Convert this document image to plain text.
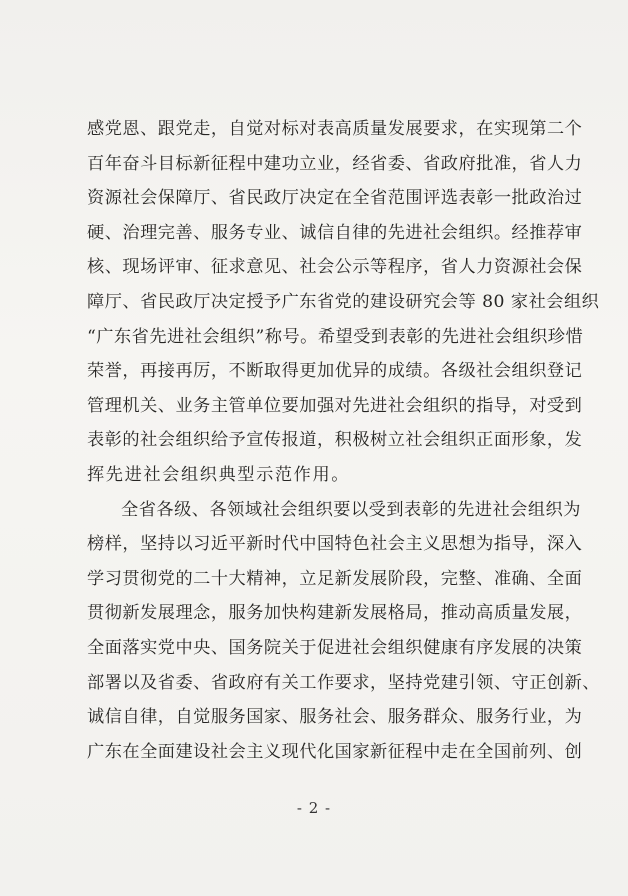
感党恩、跟党走，自觉对标对表高质量发展要求，在实现第二个
百年奋斗目标新征程中建功立业，经省委、省政府批准，省人力
资源社会保障厅、省民政厅决定在全省范围评选表彰一批政治过
硬、治理完善、服务专业、诚信自律的先进社会组织。经推荐审
核、现场评审、征求意见、社会公示等程序，省人力资源社会保
障厅、省民政厅决定授予广东省党的建设研究会等 80 家社会组织
“广东省先进社会组织”称号。希望受到表彰的先进社会组织珍惜
荣誉，再接再厉，不断取得更加优异的成绩。各级社会组织登记
管理机关、业务主管单位要加强对先进社会组织的指导，对受到
表彰的社会组织给予宣传报道，积极树立社会组织正面形象，发
挥先进社会组织典型示范作用。
全省各级、各领域社会组织要以受到表彰的先进社会组织为
榜样，坚持以习近平新时代中国特色社会主义思想为指导，深入
学习贯彻党的二十大精神，立足新发展阶段，完整、准确、全面
贯彻新发展理念，服务加快构建新发展格局，推动高质量发展，
全面落实党中央、国务院关于促进社会组织健康有序发展的决策
部署以及省委、省政府有关工作要求，坚持党建引领、守正创新、
诚信自律，自觉服务国家、服务社会、服务群众、服务行业，为
广东在全面建设社会主义现代化国家新征程中走在全国前列、创
- 2 -
